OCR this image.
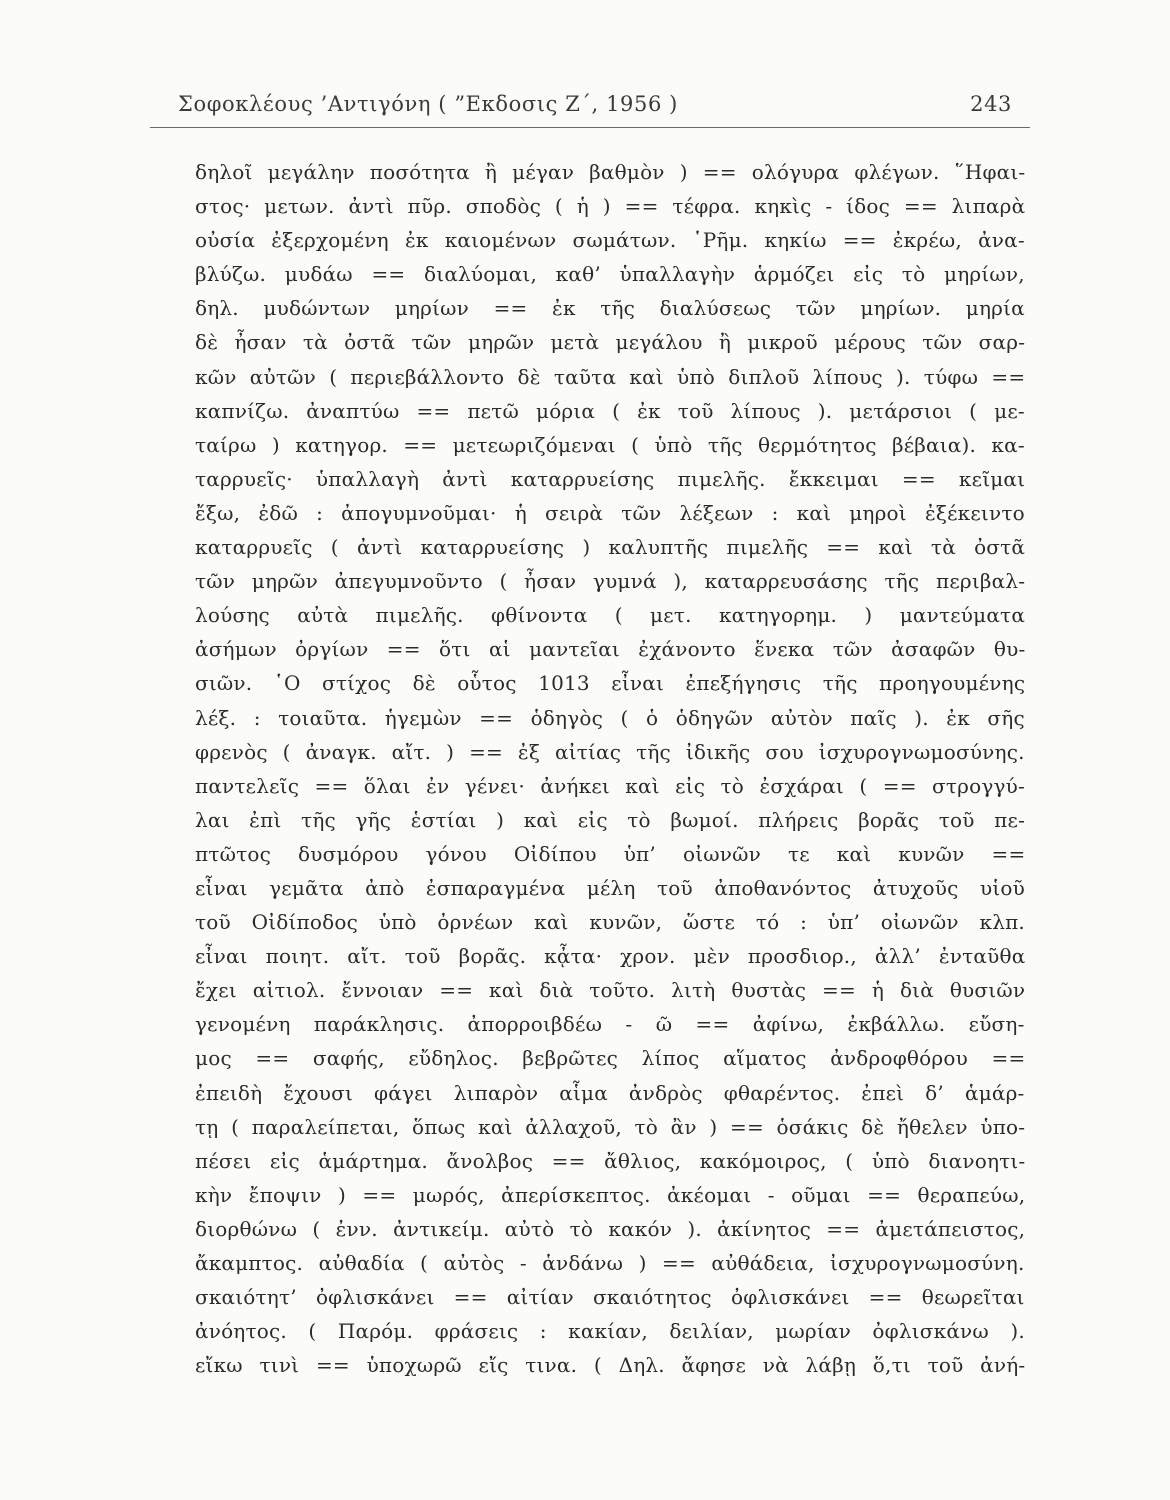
Σοφοκλέους ’Αντιγόνη ( ”Εκδοσις Ζ΄, 1956 )	243
δηλοῖ μεγάλην ποσότητα ἢ μέγαν βαθμὸν ) == ολόγυρα φλέγων. ῞Ηφαι-
στος· μετων. ἀντὶ πῦρ. σποδὸς ( ἡ ) == τέφρα. κηκὶς - ίδος == λιπαρὰ
οὐσία ἐξερχομένη ἐκ καιομένων σωμάτων. ῾Ρῆμ. κηκίω == ἐκρέω, ἀνα-
βλύζω. μυδάω == διαλύομαι, καθ’ ὑπαλλαγὴν ἁρμόζει εἰς τὸ μηρίων,
δηλ. μυδώντων μηρίων == ἐκ τῆς διαλύσεως τῶν μηρίων. μηρία
δὲ ἦσαν τὰ ὀστᾶ τῶν μηρῶν μετὰ μεγάλου ἢ μικροῦ μέρους τῶν σαρ-
κῶν αὐτῶν ( περιεβάλλοντο δὲ ταῦτα καὶ ὑπὸ διπλοῦ λίπους ). τύφω ==
καπνίζω. ἀναπτύω == πετῶ μόρια ( ἐκ τοῦ λίπους ). μετάρσιοι ( με-
ταίρω ) κατηγορ. == μετεωριζόμεναι ( ὑπὸ τῆς θερμότητος βέβαια). κα-
ταρρυεῖς· ὑπαλλαγὴ ἀντὶ καταρρυείσης πιμελῆς. ἔκκειμαι == κεῖμαι
ἔξω, ἐδῶ : ἀπογυμνοῦμαι· ἡ σειρὰ τῶν λέξεων : καὶ μηροὶ ἐξέκειντο
καταρρυεῖς ( ἀντὶ καταρρυείσης ) καλυπτῆς πιμελῆς == καὶ τὰ ὀστᾶ
τῶν μηρῶν ἀπεγυμνοῦντο ( ἦσαν γυμνά ), καταρρευσάσης τῆς περιβαλ-
λούσης αὐτὰ πιμελῆς. φθίνοντα ( μετ. κατηγορημ. ) μαντεύματα
ἀσήμων ὀργίων == ὅτι αἱ μαντεῖαι ἐχάνοντο ἕνεκα τῶν ἀσαφῶν θυ-
σιῶν. ῾Ο στίχος δὲ οὗτος 1013 εἶναι ἐπεξήγησις τῆς προηγουμένης
λέξ. : τοιαῦτα. ἡγεμὼν == ὁδηγὸς ( ὁ ὁδηγῶν αὐτὸν παῖς ). ἐκ σῆς
φρενὸς ( ἀναγκ. αἴτ. ) == ἐξ αἰτίας τῆς ἰδικῆς σου ἰσχυρογνωμοσύνης.
παντελεῖς == ὅλαι ἐν γένει· ἀνήκει καὶ εἰς τὸ ἐσχάραι ( == στρογγύ-
λαι ἐπὶ τῆς γῆς ἑστίαι ) καὶ εἰς τὸ βωμοί. πλήρεις βορᾶς τοῦ πε-
πτῶτος δυσμόρου γόνου Οἰδίπου ὑπ’ οἰωνῶν τε καὶ κυνῶν ==
εἶναι γεμᾶτα ἀπὸ ἐσπαραγμένα μέλη τοῦ ἀποθανόντος ἀτυχοῦς υἱοῦ
τοῦ Οἰδίποδος ὑπὸ ὀρνέων καὶ κυνῶν, ὥστε τό : ὑπ’ οἰωνῶν κλπ.
εἶναι ποιητ. αἴτ. τοῦ βορᾶς. κᾆτα· χρον. μὲν προσδιορ., ἀλλ’ ἐνταῦθα
ἔχει αἰτιολ. ἔννοιαν == καὶ διὰ τοῦτο. λιτὴ θυστὰς == ἡ διὰ θυσιῶν
γενομένη παράκλησις. ἀπορροιβδέω - ῶ == ἀφίνω, ἐκβάλλω. εὔση-
μος == σαφής, εὔδηλος. βεβρῶτες λίπος αἵματος ἀνδροφθόρου ==
ἐπειδὴ ἔχουσι φάγει λιπαρὸν αἷμα ἀνδρὸς φθαρέντος. ἐπεὶ δ’ ἁμάρ-
τῃ ( παραλείπεται, ὅπως καὶ ἀλλαχοῦ, τὸ ἂν ) == ὁσάκις δὲ ἤθελεν ὑπο-
πέσει εἰς ἁμάρτημα. ἄνολβος == ἄθλιος, κακόμοιρος, ( ὑπὸ διανοητι-
κὴν ἔποψιν ) == μωρός, ἀπερίσκεπτος. ἀκέομαι - οῦμαι == θεραπεύω,
διορθώνω ( ἐνν. ἀντικείμ. αὐτὸ τὸ κακόν ). ἀκίνητος == ἀμετάπειστος,
ἄκαμπτος. αὐθαδία ( αὐτὸς - ἁνδάνω ) == αὐθάδεια, ἰσχυρογνωμοσύνη.
σκαιότητ’ ὀφλισκάνει == αἰτίαν σκαιότητος ὀφλισκάνει == θεωρεῖται
ἀνόητος. ( Παρόμ. φράσεις : κακίαν, δειλίαν, μωρίαν ὀφλισκάνω ).
εἴκω τινὶ == ὑποχωρῶ εἴς τινα. ( Δηλ. ἄφησε νὰ λάβῃ ὅ,τι τοῦ ἀνή-
